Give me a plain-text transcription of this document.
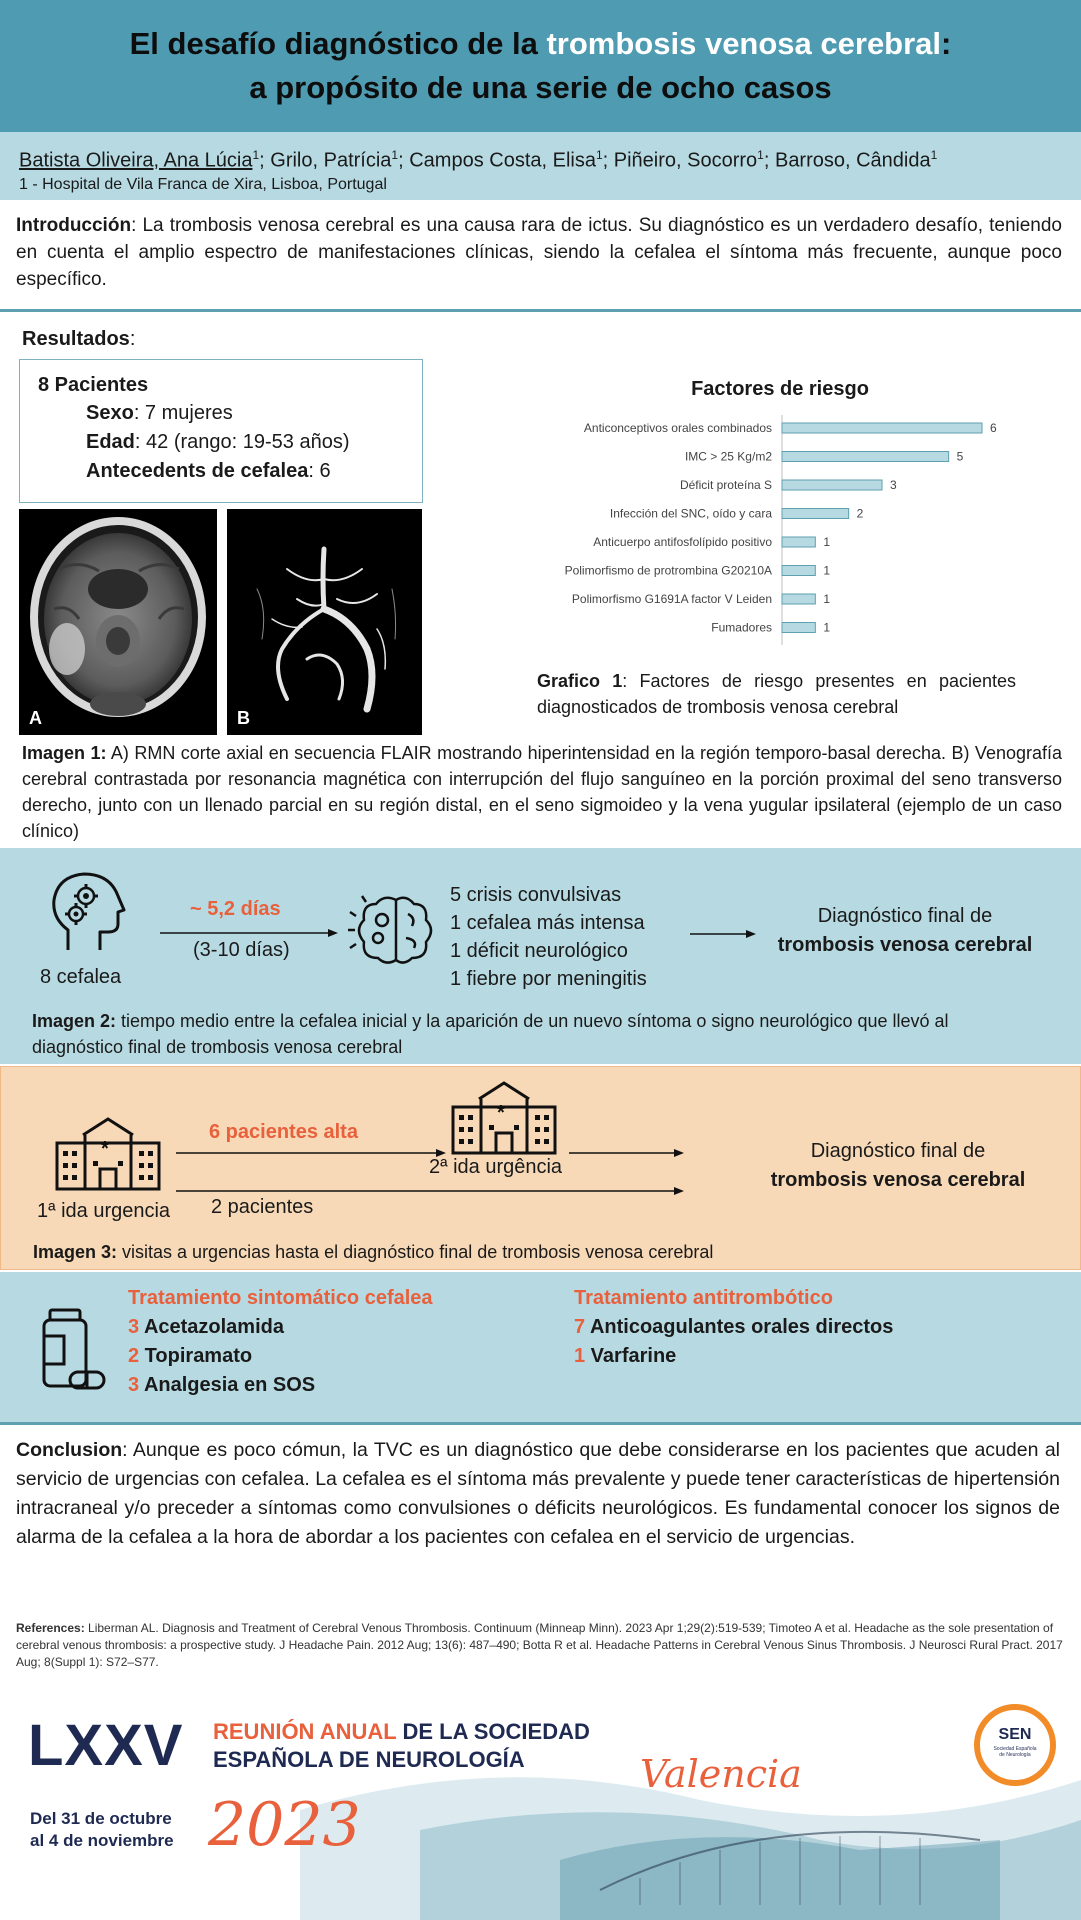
El desafío diagnóstico de la trombosis venosa cerebral:
a propósito de una serie de ocho casos
Batista Oliveira, Ana Lúcia$^1$; Grilo, Patrícia$^1$; Campos Costa, Elisa$^1$; Piñeiro, Socorro$^1$; Barroso, Cândida$^1$
1 - Hospital de Vila Franca de Xira, Lisboa, Portugal
Introducción: La trombosis venosa cerebral es una causa rara de ictus. Su diagnóstico es un verdadero desafío, teniendo en cuenta el amplio espectro de manifestaciones clínicas, siendo la cefalea el síntoma más frecuente, aunque poco específico.
Resultados:
8 Pacientes
Sexo: 7 mujeres
Edad: 42 (rango: 19-53 años)
Antecedents de cefalea: 6
A	B
Factores de riesgo
Anticonceptivos orales combinados	6
IMC > 25 Kg/m2	5
Déficit proteína S	3
Infección del SNC, oído y cara	2
Anticuerpo antifosfolípido positivo	1
Polimorfismo de protrombina G20210A	1
Polimorfismo G1691A factor V Leiden	1
Fumadores	1
Grafico 1: Factores de riesgo presentes en pacientes diagnosticados de trombosis venosa cerebral
Imagen 1: A) RMN corte axial en secuencia FLAIR mostrando hiperintensidad en la región temporo-basal derecha. B) Venografía cerebral contrastada por resonancia magnética con interrupción del flujo sanguíneo en la porción proximal del seno transverso derecho, junto con un llenado parcial en su región distal, en el seno sigmoideo y la vena yugular ipsilateral (ejemplo de un caso clínico)
8 cefalea
~ 5,2 días
(3-10 días)
5 crisis convulsivas
1 cefalea más intensa
1 déficit neurológico
1 fiebre por meningitis
Diagnóstico final de
trombosis venosa cerebral
Imagen 2: tiempo medio entre la cefalea inicial y la aparición de un nuevo síntoma o signo neurológico que llevó al diagnóstico final de trombosis venosa cerebral
*
1ª ida urgencia
6 pacientes alta
*
2ª ida urgência
2 pacientes
Diagnóstico final de
trombosis venosa cerebral
Imagen 3: visitas a urgencias hasta el diagnóstico final de trombosis venosa cerebral
Tratamiento sintomático cefalea
3 Acetazolamida
2 Topiramato
3 Analgesia en SOS
Tratamiento antitrombótico
7 Anticoagulantes orales directos
1 Varfarine
Conclusion: Aunque es poco cómun, la TVC es un diagnóstico que debe considerarse en los pacientes que acuden al servicio de urgencias con cefalea. La cefalea es el síntoma más prevalente y puede tener características de hipertensión intracraneal y/o preceder a síntomas como convulsiones o déficits neurológicos. Es fundamental conocer los signos de alarma de la cefalea a la hora de abordar a los pacientes con cefalea en el servicio de urgencias.
References: Liberman AL. Diagnosis and Treatment of Cerebral Venous Thrombosis. Continuum (Minneap Minn). 2023 Apr 1;29(2):519-539; Timoteo A et al. Headache as the sole presentation of cerebral venous thrombosis: a prospective study. J Headache Pain. 2012 Aug; 13(6): 487–490; Botta R et al. Headache Patterns in Cerebral Venous Sinus Thrombosis. J Neurosci Rural Pract. 2017 Aug; 8(Suppl 1): S72–S77.
LXXV REUNIÓN ANUAL DE LA SOCIEDAD
ESPAÑOLA DE NEUROLOGÍA	Valencia
Del 31 de octubre
al 4 de noviembre 2023
SEN
Sociedad Española
de Neurología
